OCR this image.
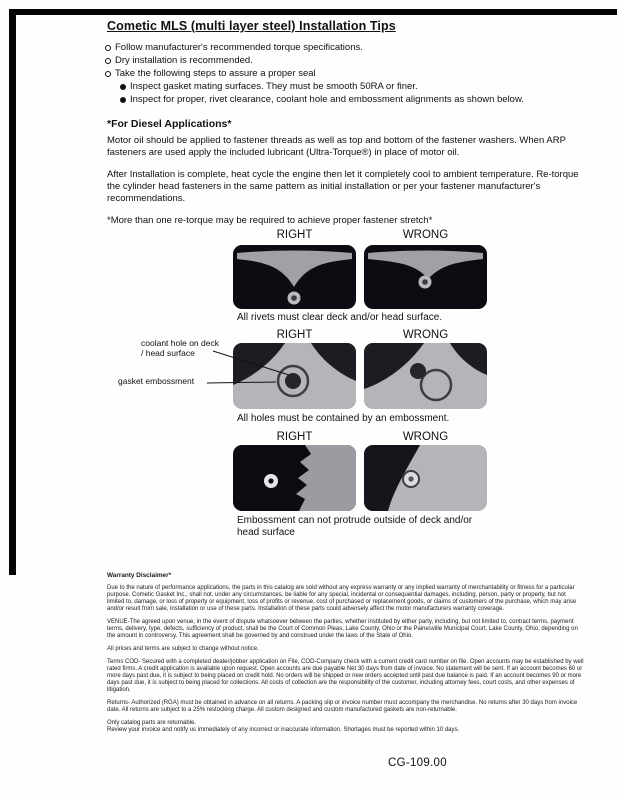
Cometic MLS (multi layer steel) Installation Tips
Follow manufacturer's recommended torque specifications.
Dry installation is recommended.
Take the following steps to assure a proper seal
Inspect gasket mating surfaces. They must be smooth 50RA or finer.
Inspect for proper, rivet clearance, coolant hole and embossment alignments as shown below.
*For Diesel Applications*

Motor oil should be applied to fastener threads as well as top and bottom of the fastener washers. When ARP fasteners are used apply the included lubricant (Ultra-Torque®) in place of motor oil.

After Installation is complete, heat cycle the engine then let it completely cool to ambient temperature. Re-torque the cylinder head fasteners in the same pattern as initial installation or per your fastener manufacturer's recommendations.

*More than one re-torque may be required to achieve proper fastener stretch*

RIGHT	WRONG
All rivets must clear deck and/or head surface.
coolant hole on deck / head surface
gasket embossment
RIGHT	WRONG
All holes must be contained by an embossment.
RIGHT	WRONG
Embossment can not protrude outside of deck and/or head surface
Warranty Disclaimer*

Due to the nature of performance applications, the parts in this catalog are sold without any express warranty or any implied warranty of merchantability or fitness for a particular purpose. Cometic Gasket Inc., shall not, under any circumstances, be liable for any special, incidental or consequential damages, including, person, party or property, but not limited to, damage, or loss of property or equipment, loss of profits or revenue, cost of purchased or replacement goods, or claims of customers of the purchase, which may arise and/or result from sale, installation or use of these parts. Installation of these parts could adversely affect the motor manufacturers warranty coverage.

VENUE-The agreed upon venue, in the event of dispute whatsoever between the parties, whether instituted by either party, including, but not limited to, contract terms, payment terms, delivery, type, defects, sufficiency of product, shall be the Court of Common Pleas, Lake County, Ohio or the Painesville Municipal Court, Lake County, Ohio, depending on the amount in controversy. This agreement shall be governed by and construed under the laws of the State of Ohio.

All prices and terms are subject to change without notice.

Terms COD- Secured with a completed dealer/jobber application on File, COD-Company check with a current credit card number on file. Open accounts may be established by well rated firms. A credit application is available upon request. Open accounts are due payable Net 30 days from date of invoice. No statement will be sent. If an account becomes 60 or more days past due, it is subject to being placed on credit hold. No orders will be shipped or new orders accepted until past due balance is paid. If an account becomes 90 or more days past due, it is subject to being placed for collections. All costs of collection are the responsibility of the customer, including attorney fees, court costs, and other expenses of litigation.

Returns- Authorized (RGA) must be obtained in advance on all returns. A packing slip or invoice number must accompany the merchandise. No returns after 30 days from invoice date. All returns are subject to a 25% restocking charge. All custom designed and custom manufactured gaskets are non-returnable.

Only catalog parts are returnable.

Review your invoice and notify us immediately of any incorrect or inaccurate information. Shortages must be reported within 10 days.

CG-109.00
